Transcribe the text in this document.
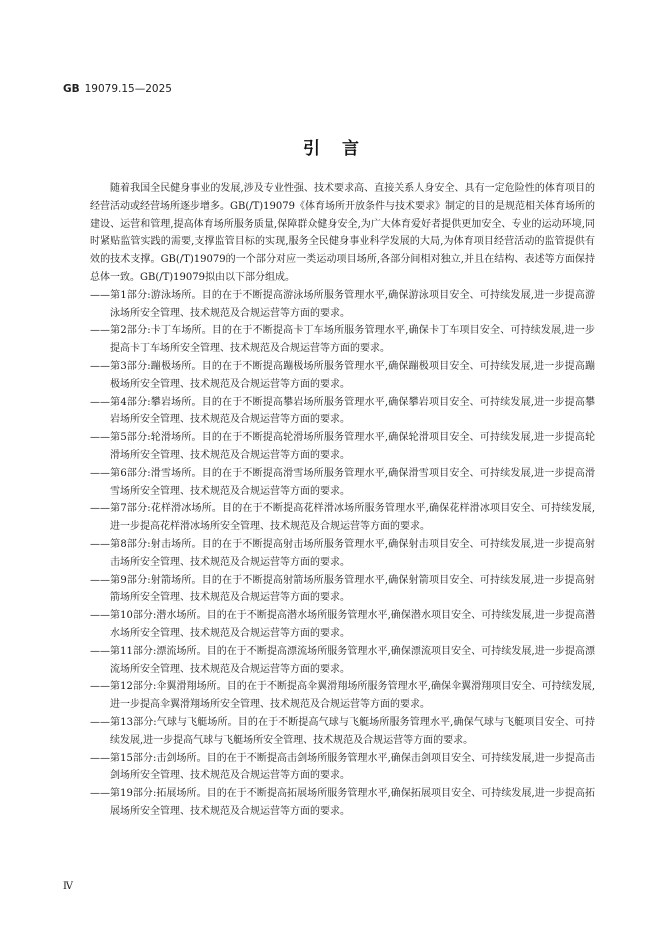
GB 19079.15—2025
引言

随着我国全民健身事业的发展,涉及专业性强、技术要求高、直接关系人身安全、具有一定危险性的体育项目的经营活动或经营场所逐步增多。GB(/T)19079《体育场所开放条件与技术要求》制定的目的是规范相关体育场所的建设、运营和管理,提高体育场所服务质量,保障群众健身安全,为广大体育爱好者提供更加安全、专业的运动环境,同时紧贴监管实践的需要,支撑监管目标的实现,服务全民健身事业科学发展的大局,为体育项目经营活动的监管提供有效的技术支撑。GB(/T)19079的一个部分对应一类运动项目场所,各部分间相对独立,并且在结构、表述等方面保持总体一致。GB(/T)19079拟由以下部分组成。

——第1部分:游泳场所。目的在于不断提高游泳场所服务管理水平,确保游泳项目安全、可持续发展,进一步提高游泳场所安全管理、技术规范及合规运营等方面的要求。

——第2部分:卡丁车场所。目的在于不断提高卡丁车场所服务管理水平,确保卡丁车项目安全、可持续发展,进一步提高卡丁车场所安全管理、技术规范及合规运营等方面的要求。

——第3部分:蹦极场所。目的在于不断提高蹦极场所服务管理水平,确保蹦极项目安全、可持续发展,进一步提高蹦极场所安全管理、技术规范及合规运营等方面的要求。

——第4部分:攀岩场所。目的在于不断提高攀岩场所服务管理水平,确保攀岩项目安全、可持续发展,进一步提高攀岩场所安全管理、技术规范及合规运营等方面的要求。

——第5部分:轮滑场所。目的在于不断提高轮滑场所服务管理水平,确保轮滑项目安全、可持续发展,进一步提高轮滑场所安全管理、技术规范及合规运营等方面的要求。

——第6部分:滑雪场所。目的在于不断提高滑雪场所服务管理水平,确保滑雪项目安全、可持续发展,进一步提高滑雪场所安全管理、技术规范及合规运营等方面的要求。

——第7部分:花样滑冰场所。目的在于不断提高花样滑冰场所服务管理水平,确保花样滑冰项目安全、可持续发展,进一步提高花样滑冰场所安全管理、技术规范及合规运营等方面的要求。

——第8部分:射击场所。目的在于不断提高射击场所服务管理水平,确保射击项目安全、可持续发展,进一步提高射击场所安全管理、技术规范及合规运营等方面的要求。

——第9部分:射箭场所。目的在于不断提高射箭场所服务管理水平,确保射箭项目安全、可持续发展,进一步提高射箭场所安全管理、技术规范及合规运营等方面的要求。

——第10部分:潜水场所。目的在于不断提高潜水场所服务管理水平,确保潜水项目安全、可持续发展,进一步提高潜水场所安全管理、技术规范及合规运营等方面的要求。

——第11部分:漂流场所。目的在于不断提高漂流场所服务管理水平,确保漂流项目安全、可持续发展,进一步提高漂流场所安全管理、技术规范及合规运营等方面的要求。

——第12部分:伞翼滑翔场所。目的在于不断提高伞翼滑翔场所服务管理水平,确保伞翼滑翔项目安全、可持续发展,进一步提高伞翼滑翔场所安全管理、技术规范及合规运营等方面的要求。

——第13部分:气球与飞艇场所。目的在于不断提高气球与飞艇场所服务管理水平,确保气球与飞艇项目安全、可持续发展,进一步提高气球与飞艇场所安全管理、技术规范及合规运营等方面的要求。

——第15部分:击剑场所。目的在于不断提高击剑场所服务管理水平,确保击剑项目安全、可持续发展,进一步提高击剑场所安全管理、技术规范及合规运营等方面的要求。

——第19部分:拓展场所。目的在于不断提高拓展场所服务管理水平,确保拓展项目安全、可持续发展,进一步提高拓展场所安全管理、技术规范及合规运营等方面的要求。

Ⅳ
